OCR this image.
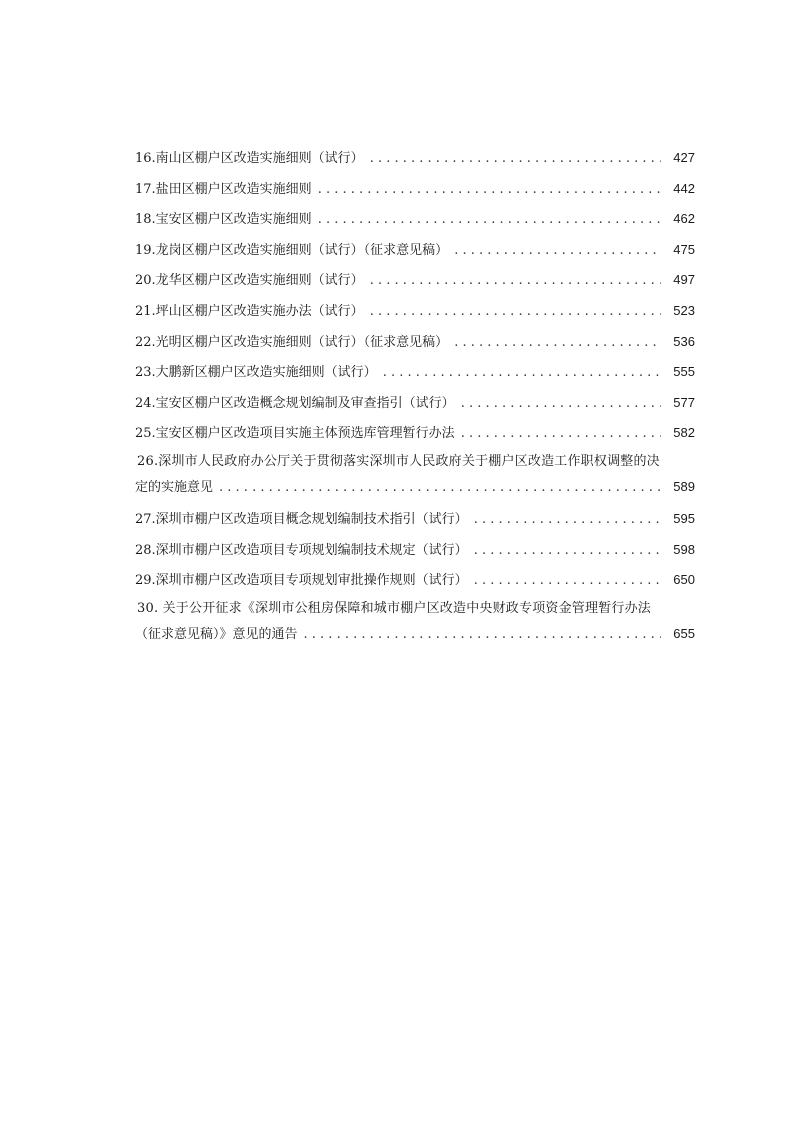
16.南山区棚户区改造实施细则（试行） . . .	427
17.盐田区棚户区改造实施细则 . . .	442
18.宝安区棚户区改造实施细则 . . .	462
19.龙岗区棚户区改造实施细则（试行）（征求意见稿） . . .	475
20.龙华区棚户区改造实施细则（试行） . . .	497
21.坪山区棚户区改造实施办法（试行） . . .	523
22.光明区棚户区改造实施细则（试行）（征求意见稿） . . .	536
23.大鹏新区棚户区改造实施细则（试行） . . .	555
24.宝安区棚户区改造概念规划编制及审查指引（试行） . . .	577
25.宝安区棚户区改造项目实施主体预选库管理暂行办法 . . .	582
26.深圳市人民政府办公厅关于贯彻落实深圳市人民政府关于棚户区改造工作职权调整的决
定的实施意见 . . .	589
27.深圳市棚户区改造项目概念规划编制技术指引（试行） . . .	595
28.深圳市棚户区改造项目专项规划编制技术规定（试行） . . .	598
29.深圳市棚户区改造项目专项规划审批操作规则（试行） . . .	650
30. 关于公开征求《深圳市公租房保障和城市棚户区改造中央财政专项资金管理暂行办法
（征求意见稿）》意见的通告 . . .	655
